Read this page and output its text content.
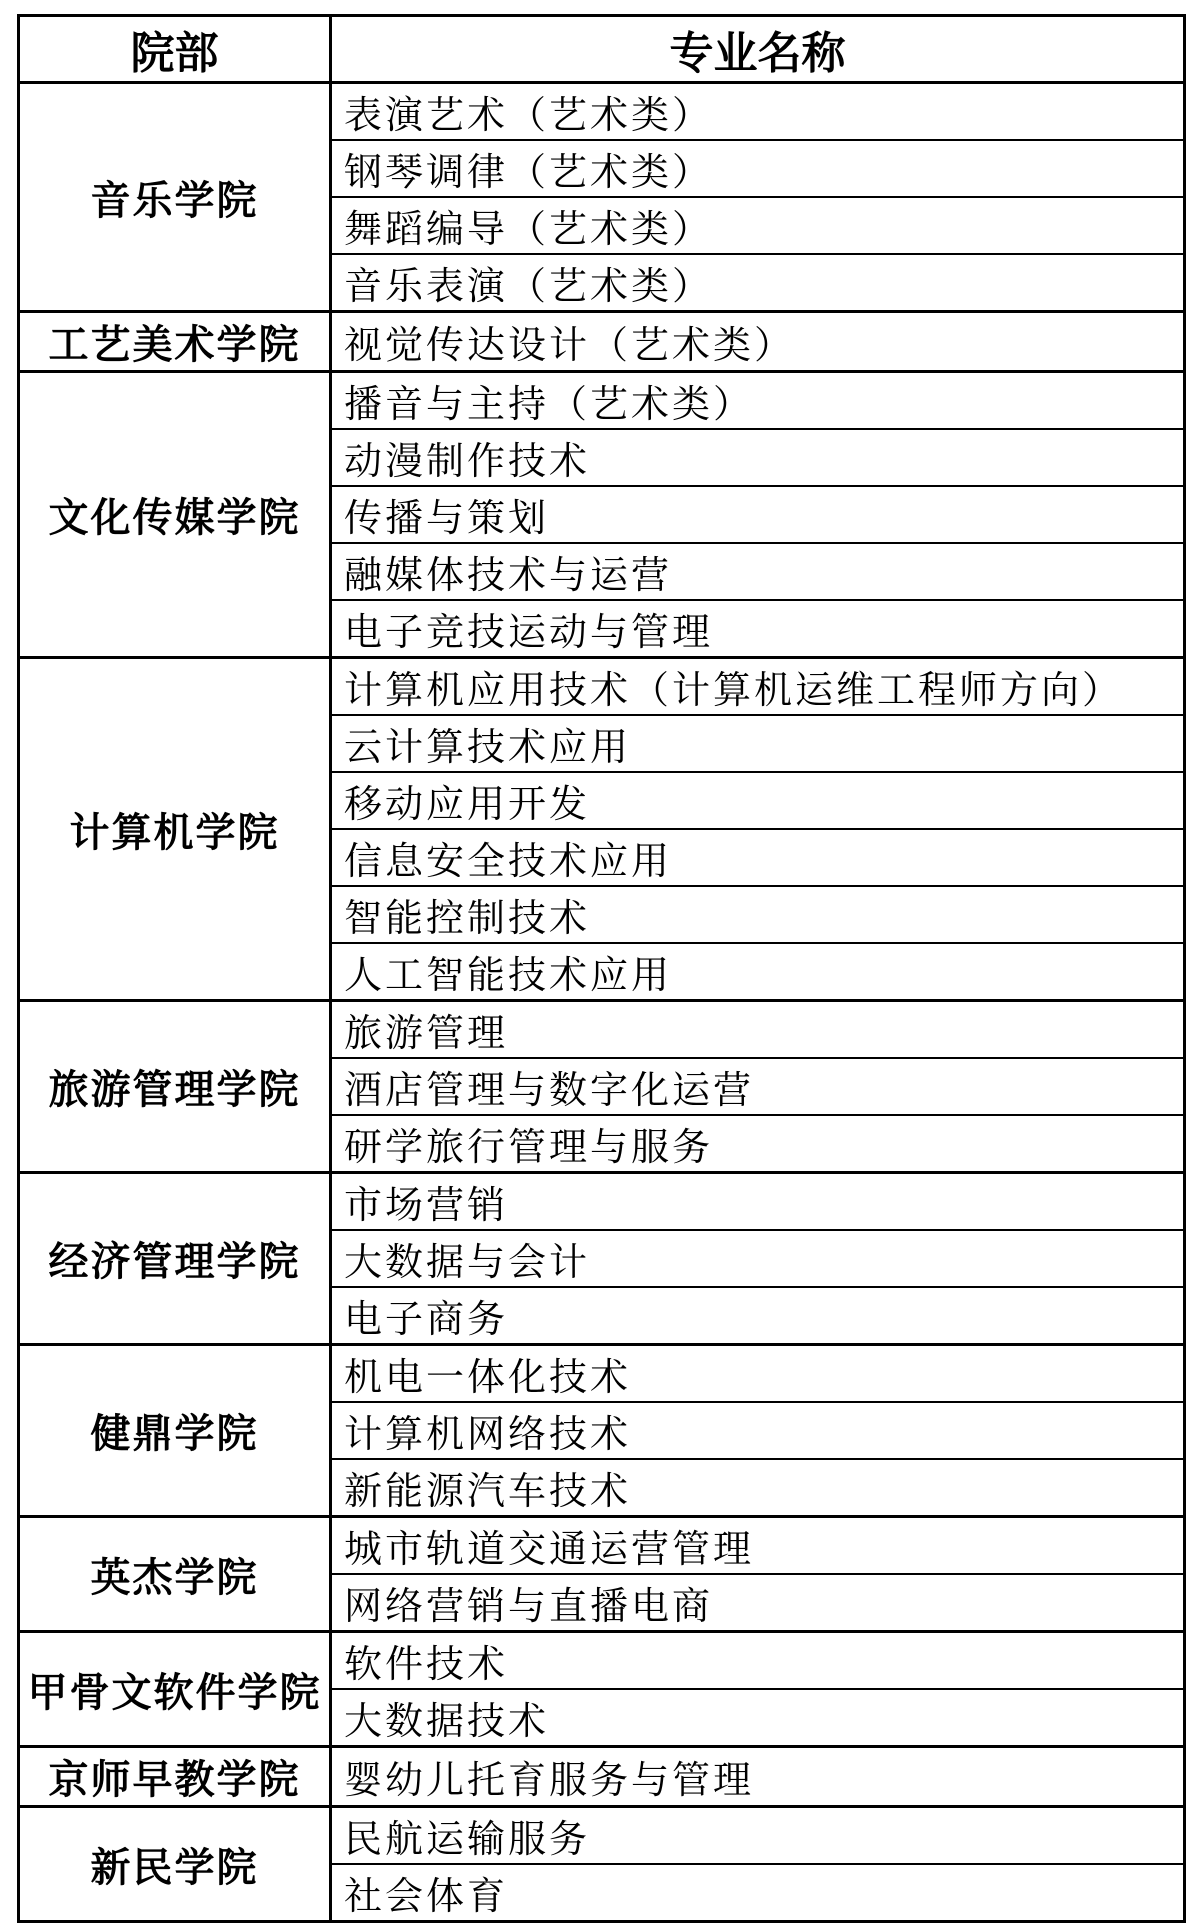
院部	专业名称
音乐学院	表演艺术（艺术类）
	钢琴调律（艺术类）
	舞蹈编导（艺术类）
	音乐表演（艺术类）
工艺美术学院	视觉传达设计（艺术类）
文化传媒学院	播音与主持（艺术类）
	动漫制作技术
	传播与策划
	融媒体技术与运营
	电子竞技运动与管理
计算机学院	计算机应用技术（计算机运维工程师方向）
	云计算技术应用
	移动应用开发
	信息安全技术应用
	智能控制技术
	人工智能技术应用
旅游管理学院	旅游管理
	酒店管理与数字化运营
	研学旅行管理与服务
经济管理学院	市场营销
	大数据与会计
	电子商务
健鼎学院	机电一体化技术
	计算机网络技术
	新能源汽车技术
英杰学院	城市轨道交通运营管理
	网络营销与直播电商
甲骨文软件学院	软件技术
	大数据技术
京师早教学院	婴幼儿托育服务与管理
新民学院	民航运输服务
	社会体育
